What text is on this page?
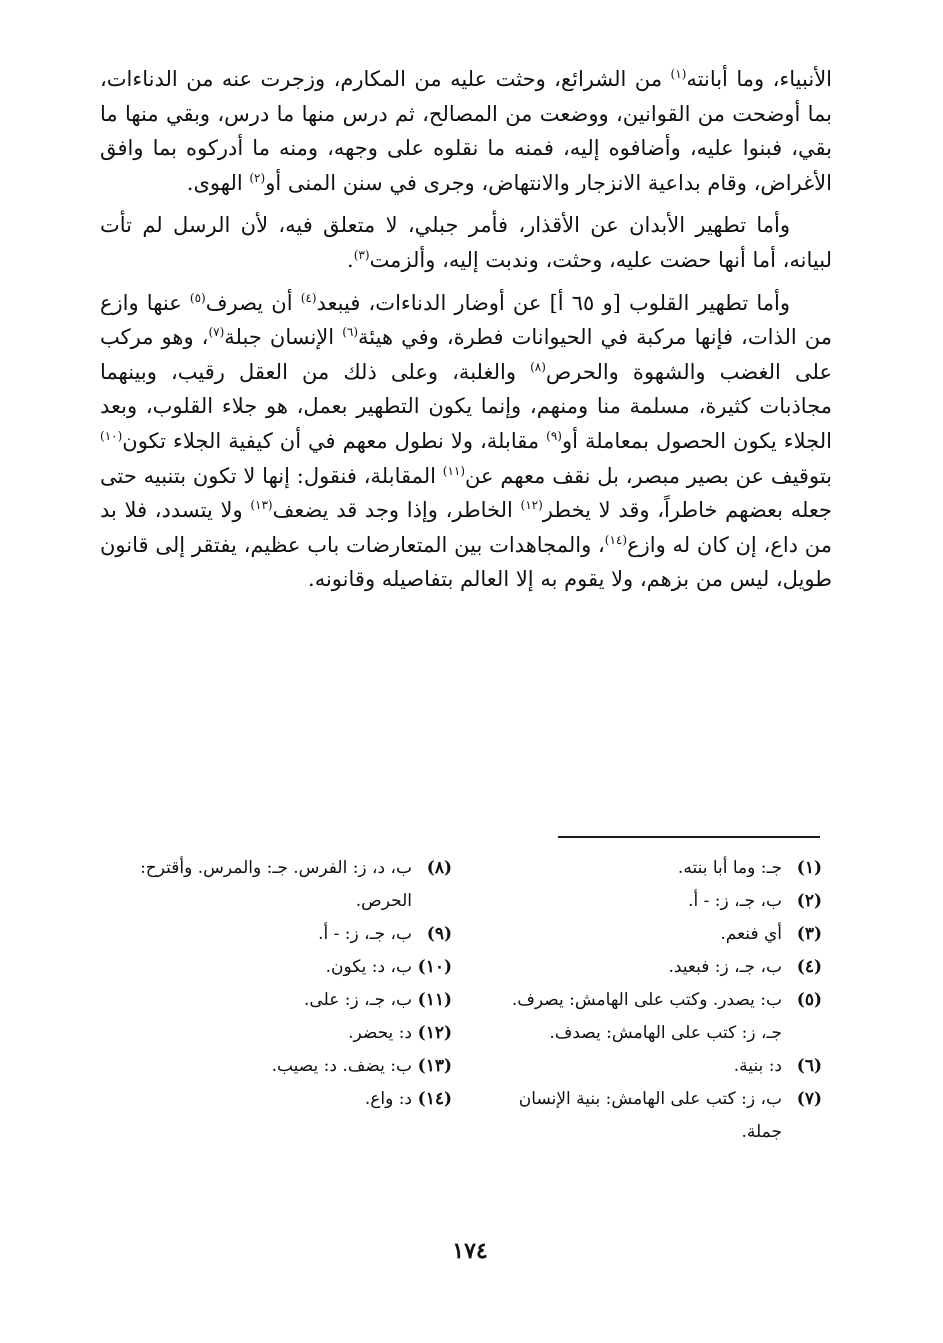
الأنبياء، وما أبانته$^{(١)}$ من الشرائع، وحثت عليه من المكارم، وزجرت عنه من الدناءات، بما أوضحت من القوانين، ووضعت من المصالح، ثم درس منها ما درس، وبقي منها ما بقي، فبنوا عليه، وأضافوه إليه، فمنه ما نقلوه على وجهه، ومنه ما أدركوه بما وافق الأغراض، وقام بداعية الانزجار والانتهاض، وجرى في سنن المنى أو$^{(٢)}$ الهوى.

وأما تطهير الأبدان عن الأقذار، فأمر جبلي، لا متعلق فيه، لأن الرسل لم تأت لبيانه، أما أنها حضت عليه، وحثت، وندبت إليه، وألزمت$^{(٣)}$.

وأما تطهير القلوب [و ٦٥ أ] عن أوضار الدناءات، فيبعد$^{(٤)}$ أن يصرف$^{(٥)}$ عنها وازع من الذات، فإنها مركبة في الحيوانات فطرة، وفي هيئة$^{(٦)}$ الإنسان جبلة$^{(٧)}$، وهو مركب على الغضب والشهوة والحرص$^{(٨)}$ والغلبة، وعلى ذلك من العقل رقيب، وبينهما مجاذبات كثيرة، مسلمة منا ومنهم، وإنما يكون التطهير بعمل، هو جلاء القلوب، وبعد الجلاء يكون الحصول بمعاملة أو$^{(٩)}$ مقابلة، ولا نطول معهم في أن كيفية الجلاء تكون$^{(١٠)}$ بتوقيف عن بصير مبصر، بل نقف معهم عن$^{(١١)}$ المقابلة، فنقول: إنها لا تكون بتنبيه حتى جعله بعضهم خاطراً، وقد لا يخطر$^{(١٢)}$ الخاطر، وإذا وجد قد يضعف$^{(١٣)}$ ولا يتسدد، فلا بد من داع، إن كان له وازع$^{(١٤)}$، والمجاهدات بين المتعارضات باب عظيم، يفتقر إلى قانون طويل، ليس من بزهم، ولا يقوم به إلا العالم بتفاصيله وقانونه.

(١)
جـ: وما أبا بنته.
(٢)
ب، جـ، ز: - أ.
(٣)
أي فنعم.
(٤)
ب، جـ، ز: فبعيد.
(٥)
ب: يصدر. وكتب على الهامش: يصرف. جـ، ز: كتب على الهامش: يصدف.
(٦)
د: بنية.
(٧)
ب، ز: كتب على الهامش: بنية الإنسان جملة.
(٨)
ب، د، ز: الفرس. جـ: والمرس. وأقترح: الحرص.
(٩)
ب، جـ، ز: - أ.
(١٠)
ب، د: يكون.
(١١)
ب، جـ، ز: على.
(١٢)
د: يحضر.
(١٣)
ب: يضف. د: يصيب.
(١٤)
د: واع.
١٧٤
